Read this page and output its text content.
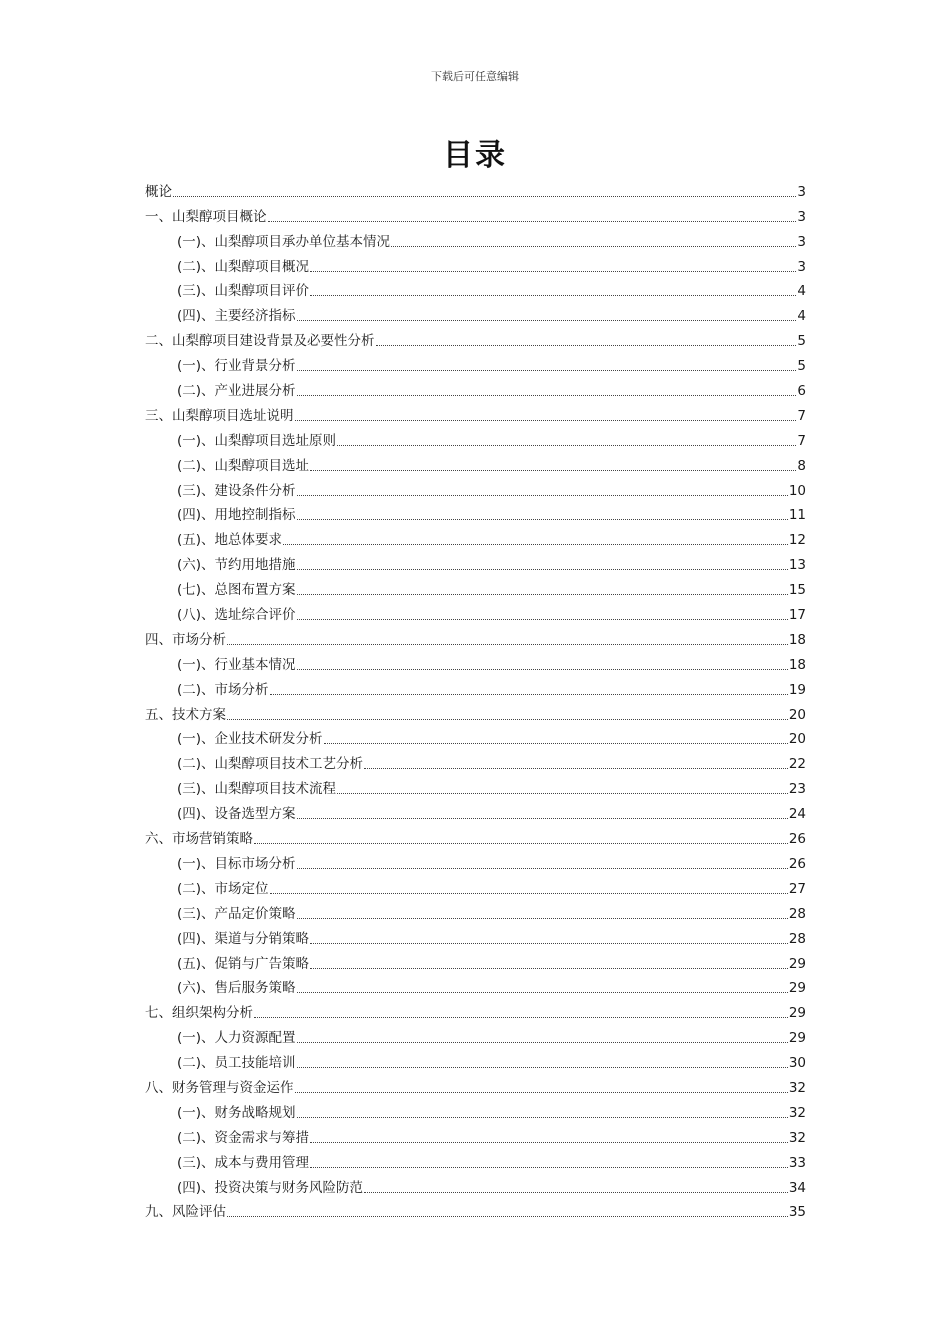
下载后可任意编辑
目录
概论	3
一、山梨醇项目概论	3
(一)、山梨醇项目承办单位基本情况	3
(二)、山梨醇项目概况	3
(三)、山梨醇项目评价	4
(四)、主要经济指标	4
二、山梨醇项目建设背景及必要性分析	5
(一)、行业背景分析	5
(二)、产业进展分析	6
三、山梨醇项目选址说明	7
(一)、山梨醇项目选址原则	7
(二)、山梨醇项目选址	8
(三)、建设条件分析	10
(四)、用地控制指标	11
(五)、地总体要求	12
(六)、节约用地措施	13
(七)、总图布置方案	15
(八)、选址综合评价	17
四、市场分析	18
(一)、行业基本情况	18
(二)、市场分析	19
五、技术方案	20
(一)、企业技术研发分析	20
(二)、山梨醇项目技术工艺分析	22
(三)、山梨醇项目技术流程	23
(四)、设备选型方案	24
六、市场营销策略	26
(一)、目标市场分析	26
(二)、市场定位	27
(三)、产品定价策略	28
(四)、渠道与分销策略	28
(五)、促销与广告策略	29
(六)、售后服务策略	29
七、组织架构分析	29
(一)、人力资源配置	29
(二)、员工技能培训	30
八、财务管理与资金运作	32
(一)、财务战略规划	32
(二)、资金需求与筹措	32
(三)、成本与费用管理	33
(四)、投资决策与财务风险防范	34
九、风险评估	35
